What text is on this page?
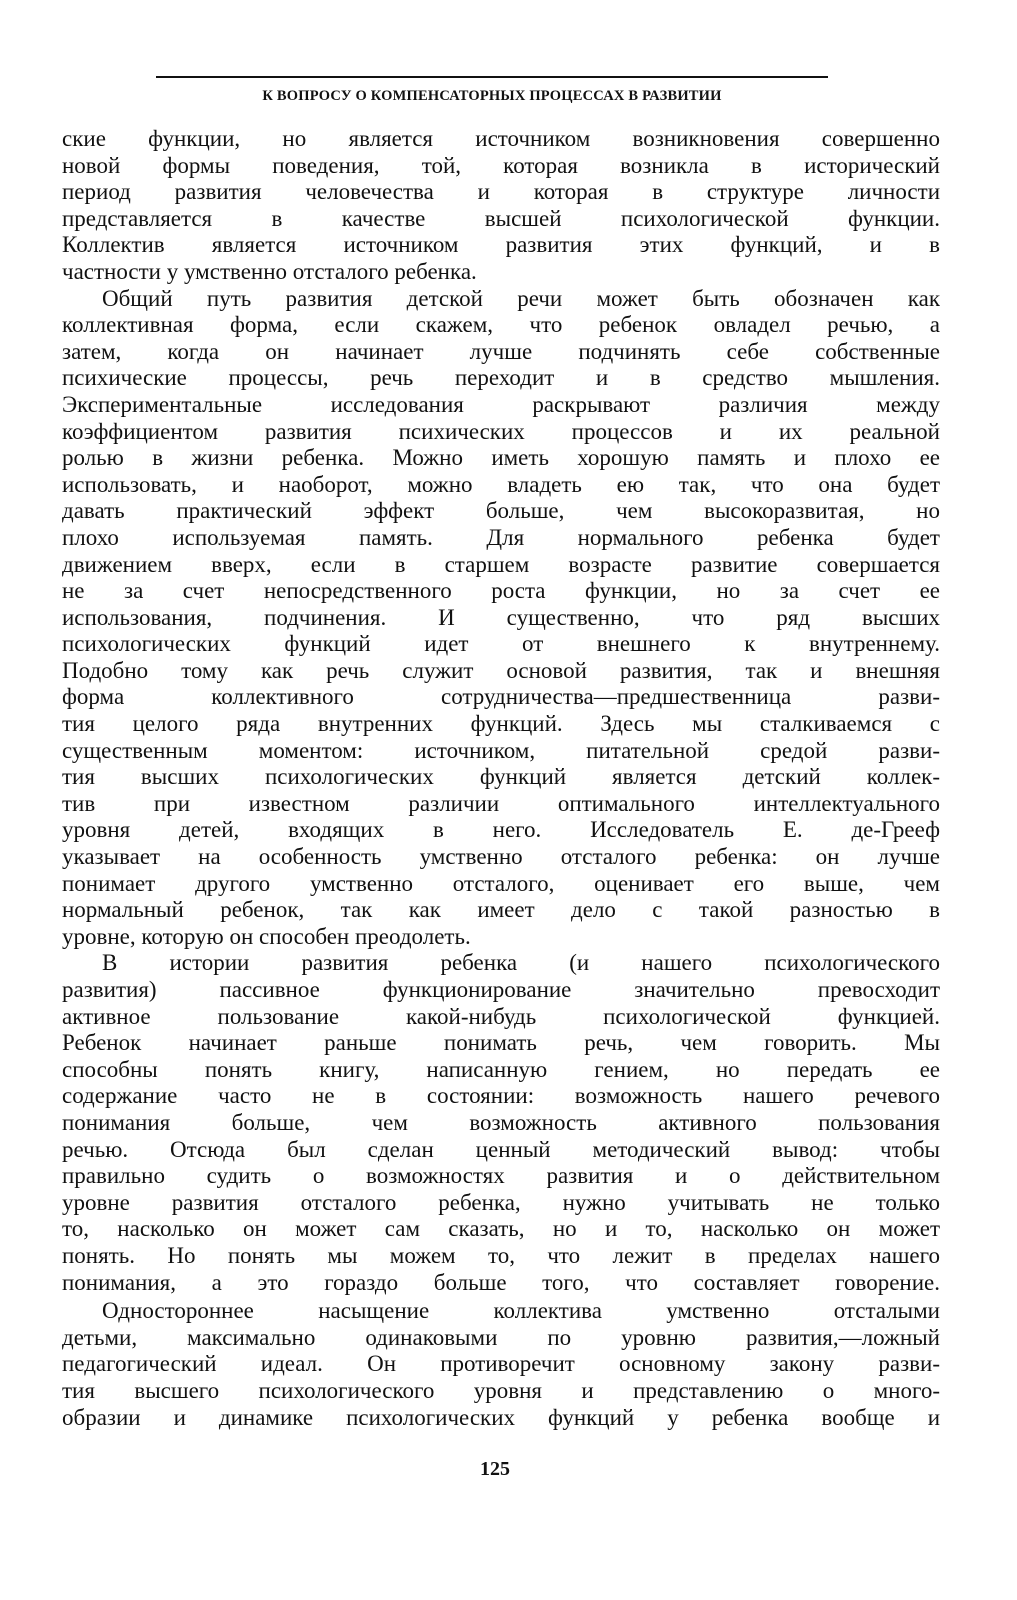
К ВОПРОСУ О КОМПЕНСАТОРНЫХ ПРОЦЕССАХ В РАЗВИТИИ
ские функции, но является источником возникновения совершенно
новой формы поведения, той, которая возникла в исторический
период развития человечества и которая в структуре личности
представляется в качестве высшей психологической функции.
Коллектив является источником развития этих функций, и в
частности у умственно отсталого ребенка.
Общий путь развития детской речи может быть обозначен как
коллективная форма, если скажем, что ребенок овладел речью, а
затем, когда он начинает лучше подчинять себе собственные
психические процессы, речь переходит и в средство мышления.
Экспериментальные исследования раскрывают различия между
коэффициентом развития психических процессов и их реальной
ролью в жизни ребенка. Можно иметь хорошую память и плохо ее
использовать, и наоборот, можно владеть ею так, что она будет
давать практический эффект больше, чем высокоразвитая, но
плохо используемая память. Для нормального ребенка будет
движением вверх, если в старшем возрасте развитие совершается
не за счет непосредственного роста функции, но за счет ее
использования, подчинения. И существенно, что ряд высших
психологических функций идет от внешнего к внутреннему.
Подобно тому как речь служит основой развития, так и внешняя
форма коллективного сотрудничества—предшественница разви-
тия целого ряда внутренних функций. Здесь мы сталкиваемся с
существенным моментом: источником, питательной средой разви-
тия высших психологических функций является детский коллек-
тив при известном различии оптимального интеллектуального
уровня детей, входящих в него. Исследователь Е. де-Грееф
указывает на особенность умственно отсталого ребенка: он лучше
понимает другого умственно отсталого, оценивает его выше, чем
нормальный ребенок, так как имеет дело с такой разностью в
уровне, которую он способен преодолеть.
В истории развития ребенка (и нашего психологического
развития) пассивное функционирование значительно превосходит
активное пользование какой-нибудь психологической функцией.
Ребенок начинает раньше понимать речь, чем говорить. Мы
способны понять книгу, написанную гением, но передать ее
содержание часто не в состоянии: возможность нашего речевого
понимания больше, чем возможность активного пользования
речью. Отсюда был сделан ценный методический вывод: чтобы
правильно судить о возможностях развития и о действительном
уровне развития отсталого ребенка, нужно учитывать не только
то, насколько он может сам сказать, но и то, насколько он может
понять. Но понять мы можем то, что лежит в пределах нашего
понимания, а это гораздо больше того, что составляет говорение.
Одностороннее насыщение коллектива умственно отсталыми
детьми, максимально одинаковыми по уровню развития,—ложный
педагогический идеал. Он противоречит основному закону разви-
тия высшего психологического уровня и представлению о много-
образии и динамике психологических функций у ребенка вообще и
125
